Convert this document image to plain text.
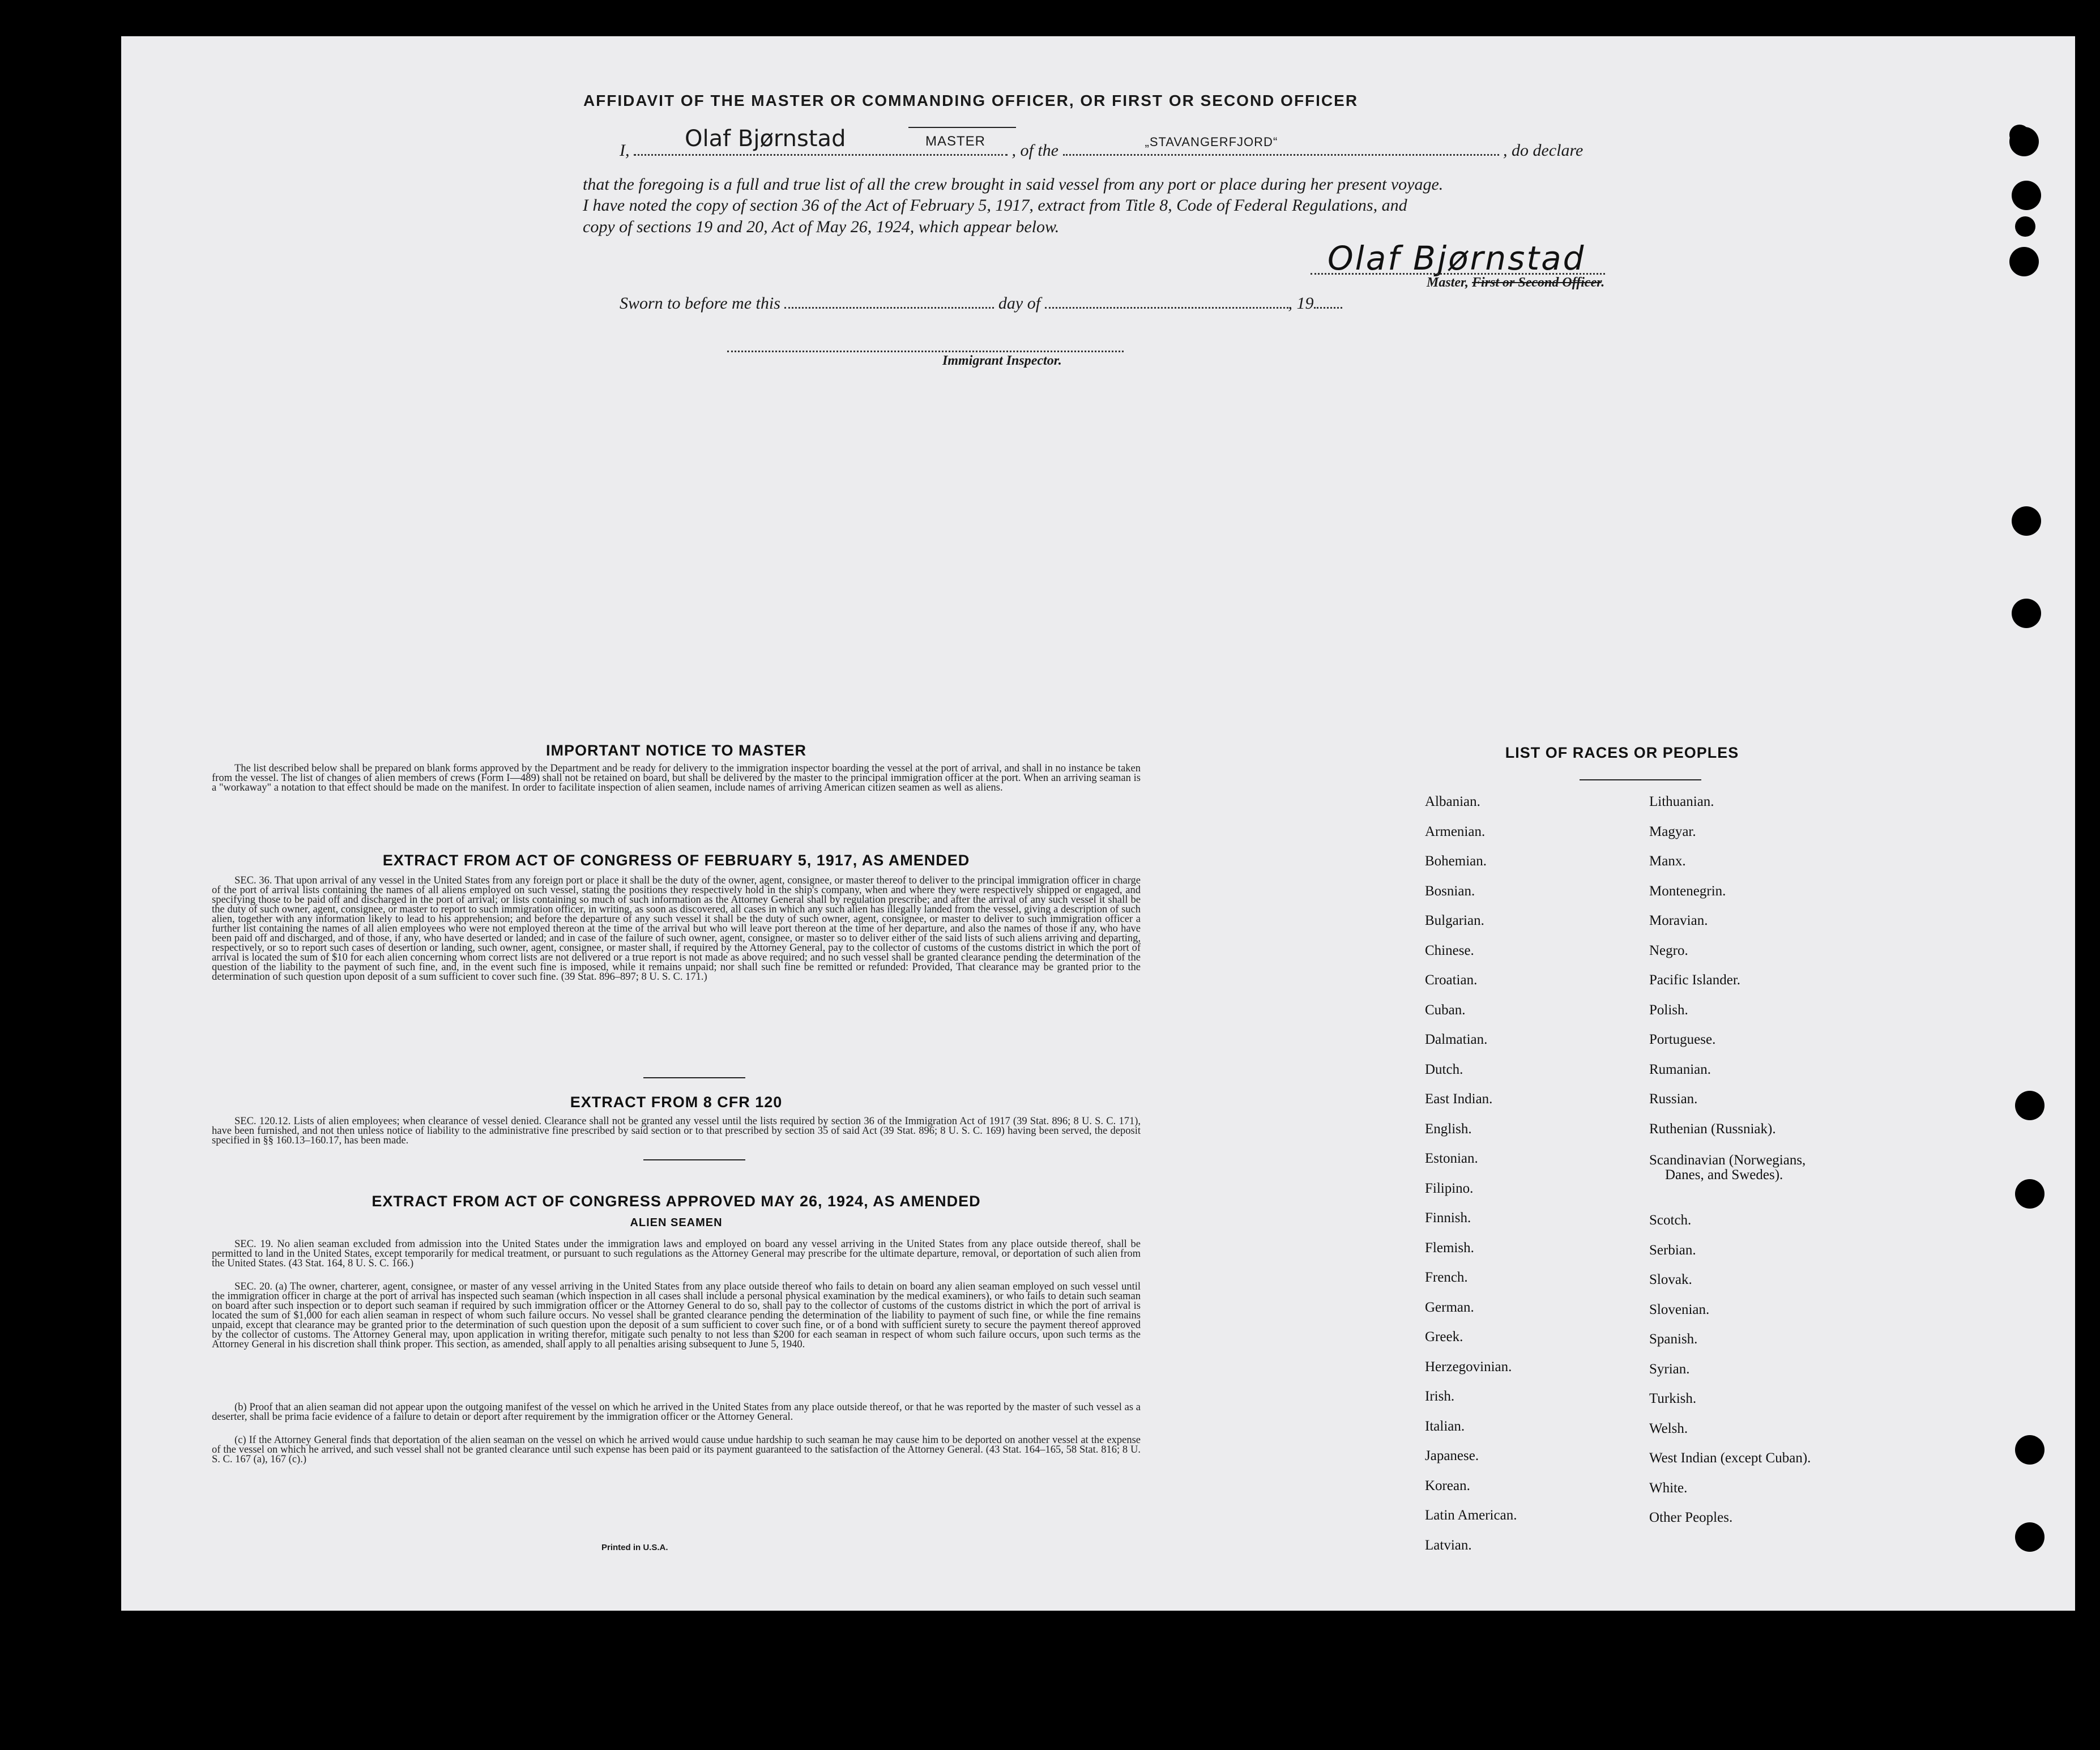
AFFIDAVIT OF THE MASTER OR COMMANDING OFFICER, OR FIRST OR SECOND OFFICER
I, Olaf Bjørnstad	MASTER , of the	„STAVANGERFJORD“	, do declare
that the foregoing is a full and true list of all the crew brought in said vessel from any port or place during her present voyage.
I have noted the copy of section 36 of the Act of February 5, 1917, extract from Title 8, Code of Federal Regulations, and
copy of sections 19 and 20, Act of May 26, 1924, which appear below.
Olaf Bjørnstad
Master, First or Second Officer.
Sworn to before me this	day of	, 19
Immigrant Inspector.
IMPORTANT NOTICE TO MASTER
The list described below shall be prepared on blank forms approved by the Department and be ready for delivery to the immigration inspector boarding the vessel at the port of arrival, and shall in no instance be taken from the vessel. The list of changes of alien members of crews (Form I—489) shall not be retained on board, but shall be delivered by the master to the principal immigration officer at the port. When an arriving seaman is a "workaway" a notation to that effect should be made on the manifest. In order to facilitate inspection of alien seamen, include names of arriving American citizen seamen as well as aliens.
EXTRACT FROM ACT OF CONGRESS OF FEBRUARY 5, 1917, AS AMENDED
SEC. 36. That upon arrival of any vessel in the United States from any foreign port or place it shall be the duty of the owner, agent, consignee, or master thereof to deliver to the principal immigration officer in charge of the port of arrival lists containing the names of all aliens employed on such vessel, stating the positions they respectively hold in the ship's company, when and where they were respectively shipped or engaged, and specifying those to be paid off and discharged in the port of arrival; or lists containing so much of such information as the Attorney General shall by regulation prescribe; and after the arrival of any such vessel it shall be the duty of such owner, agent, consignee, or master to report to such immigration officer, in writing, as soon as discovered, all cases in which any such alien has illegally landed from the vessel, giving a description of such alien, together with any information likely to lead to his apprehension; and before the departure of any such vessel it shall be the duty of such owner, agent, consignee, or master to deliver to such immigration officer a further list containing the names of all alien employees who were not employed thereon at the time of the arrival but who will leave port thereon at the time of her departure, and also the names of those if any, who have been paid off and discharged, and of those, if any, who have deserted or landed; and in case of the failure of such owner, agent, consignee, or master so to deliver either of the said lists of such aliens arriving and departing, respectively, or so to report such cases of desertion or landing, such owner, agent, consignee, or master shall, if required by the Attorney General, pay to the collector of customs of the customs district in which the port of arrival is located the sum of $10 for each alien concerning whom correct lists are not delivered or a true report is not made as above required; and no such vessel shall be granted clearance pending the determination of the question of the liability to the payment of such fine, and, in the event such fine is imposed, while it remains unpaid; nor shall such fine be remitted or refunded: Provided, That clearance may be granted prior to the determination of such question upon deposit of a sum sufficient to cover such fine. (39 Stat. 896–897; 8 U. S. C. 171.)
EXTRACT FROM 8 CFR 120
SEC. 120.12. Lists of alien employees; when clearance of vessel denied. Clearance shall not be granted any vessel until the lists required by section 36 of the Immigration Act of 1917 (39 Stat. 896; 8 U. S. C. 171), have been furnished, and not then unless notice of liability to the administrative fine prescribed by said section or to that prescribed by section 35 of said Act (39 Stat. 896; 8 U. S. C. 169) having been served, the deposit specified in §§ 160.13–160.17, has been made.
EXTRACT FROM ACT OF CONGRESS APPROVED MAY 26, 1924, AS AMENDED
ALIEN SEAMEN
SEC. 19. No alien seaman excluded from admission into the United States under the immigration laws and employed on board any vessel arriving in the United States from any place outside thereof, shall be permitted to land in the United States, except temporarily for medical treatment, or pursuant to such regulations as the Attorney General may prescribe for the ultimate departure, removal, or deportation of such alien from the United States. (43 Stat. 164, 8 U. S. C. 166.)
SEC. 20. (a) The owner, charterer, agent, consignee, or master of any vessel arriving in the United States from any place outside thereof who fails to detain on board any alien seaman employed on such vessel until the immigration officer in charge at the port of arrival has inspected such seaman (which inspection in all cases shall include a personal physical examination by the medical examiners), or who fails to detain such seaman on board after such inspection or to deport such seaman if required by such immigration officer or the Attorney General to do so, shall pay to the collector of customs of the customs district in which the port of arrival is located the sum of $1,000 for each alien seaman in respect of whom such failure occurs. No vessel shall be granted clearance pending the determination of the liability to payment of such fine, or while the fine remains unpaid, except that clearance may be granted prior to the determination of such question upon the deposit of a sum sufficient to cover such fine, or of a bond with sufficient surety to secure the payment thereof approved by the collector of customs. The Attorney General may, upon application in writing therefor, mitigate such penalty to not less than $200 for each seaman in respect of whom such failure occurs, upon such terms as the Attorney General in his discretion shall think proper. This section, as amended, shall apply to all penalties arising subsequent to June 5, 1940.
(b) Proof that an alien seaman did not appear upon the outgoing manifest of the vessel on which he arrived in the United States from any place outside thereof, or that he was reported by the master of such vessel as a deserter, shall be prima facie evidence of a failure to detain or deport after requirement by the immigration officer or the Attorney General.
(c) If the Attorney General finds that deportation of the alien seaman on the vessel on which he arrived would cause undue hardship to such seaman he may cause him to be deported on another vessel at the expense of the vessel on which he arrived, and such vessel shall not be granted clearance until such expense has been paid or its payment guaranteed to the satisfaction of the Attorney General. (43 Stat. 164–165, 58 Stat. 816; 8 U. S. C. 167 (a), 167 (c).)
Printed in U.S.A.
LIST OF RACES OR PEOPLES
Albanian.
Armenian.
Bohemian.
Bosnian.
Bulgarian.
Chinese.
Croatian.
Cuban.
Dalmatian.
Dutch.
East Indian.
English.
Estonian.
Filipino.
Finnish.
Flemish.
French.
German.
Greek.
Herzegovinian.
Irish.
Italian.
Japanese.
Korean.
Latin American.
Latvian.
Lithuanian.
Magyar.
Manx.
Montenegrin.
Moravian.
Negro.
Pacific Islander.
Polish.
Portuguese.
Rumanian.
Russian.
Ruthenian (Russniak).
Scandinavian (Norwegians,
Danes, and Swedes).
Scotch.
Serbian.
Slovak.
Slovenian.
Spanish.
Syrian.
Turkish.
Welsh.
West Indian (except Cuban).
White.
Other Peoples.
